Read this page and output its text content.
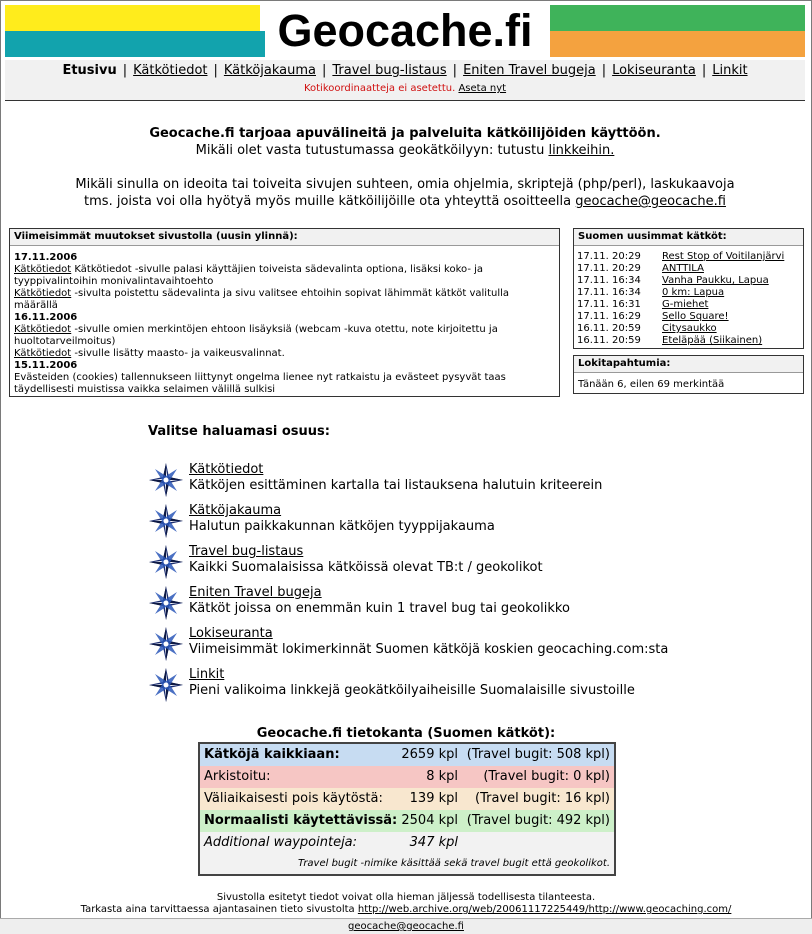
Geocache.fi
Etusivu | Kätkötiedot | Kätköjakauma | Travel bug-listaus | Eniten Travel bugeja | Lokiseuranta | Linkit
Kotikoordinaatteja ei asetettu. Aseta nyt
Geocache.fi tarjoaa apuvälineitä ja palveluita kätköilijöiden käyttöön.
Mikäli olet vasta tutustumassa geokätköilyyn: tutustu linkkeihin.
Mikäli sinulla on ideoita tai toiveita sivujen suhteen, omia ohjelmia, skriptejä (php/perl), laskukaavoja
tms. joista voi olla hyötyä myös muille kätköilijöille ota yhteyttä osoitteella geocache@geocache.fi
Viimeisimmät muutokset sivustolla (uusin ylinnä):
17.11.2006
Kätkötiedot Kätkötiedot -sivulle palasi käyttäjien toiveista sädevalinta optiona, lisäksi koko- ja tyyppivalintoihin monivalintavaihtoehto
Kätkötiedot -sivulta poistettu sädevalinta ja sivu valitsee ehtoihin sopivat lähimmät kätköt valitulla määrällä
16.11.2006
Kätkötiedot -sivulle omien merkintöjen ehtoon lisäyksiä (webcam -kuva otettu, note kirjoitettu ja huoltotarveilmoitus)
Kätkötiedot -sivulle lisätty maasto- ja vaikeusvalinnat.
15.11.2006
Evästeiden (cookies) tallennukseen liittynyt ongelma lienee nyt ratkaistu ja evästeet pysyvät taas täydellisesti muistissa vaikka selaimen välillä sulkisi
Suomen uusimmat kätköt:
17.11. 20:29	Rest Stop of Voitilanjärvi
17.11. 20:29	ANTTILA
17.11. 16:34	Vanha Paukku, Lapua
17.11. 16:34	0 km: Lapua
17.11. 16:31	G-miehet
17.11. 16:29	Sello Square!
16.11. 20:59	Citysaukko
16.11. 20:59	Eteläpää (Siikainen)
Lokitapahtumia:
Tänään 6, eilen 69 merkintää
Valitse haluamasi osuus:
Kätkötiedot
Kätköjen esittäminen kartalla tai listauksena halutuin kriteerein
Kätköjakauma
Halutun paikkakunnan kätköjen tyyppijakauma
Travel bug-listaus
Kaikki Suomalaisissa kätköissä olevat TB:t / geokolikot
Eniten Travel bugeja
Kätköt joissa on enemmän kuin 1 travel bug tai geokolikko
Lokiseuranta
Viimeisimmät lokimerkinnät Suomen kätköjä koskien geocaching.com:sta
Linkit
Pieni valikoima linkkejä geokätköilyaiheisille Suomalaisille sivustoille
Geocache.fi tietokanta (Suomen kätköt):
Kätköjä kaikkiaan:	2659 kpl (Travel bugit: 508 kpl)
Arkistoitu:	8 kpl (Travel bugit: 0 kpl)
Väliaikaisesti pois käytöstä: 139 kpl (Travel bugit: 16 kpl)
Normaalisti käytettävissä: 2504 kpl (Travel bugit: 492 kpl)
Additional waypointeja:	347 kpl
Travel bugit -nimike käsittää sekä travel bugit että geokolikot.
Sivustolla esitetyt tiedot voivat olla hieman jäljessä todellisesta tilanteesta.
Tarkasta aina tarvittaessa ajantasainen tieto sivustolta http://web.archive.org/web/20061117225449/http://www.geocaching.com/
geocache@geocache.fi
